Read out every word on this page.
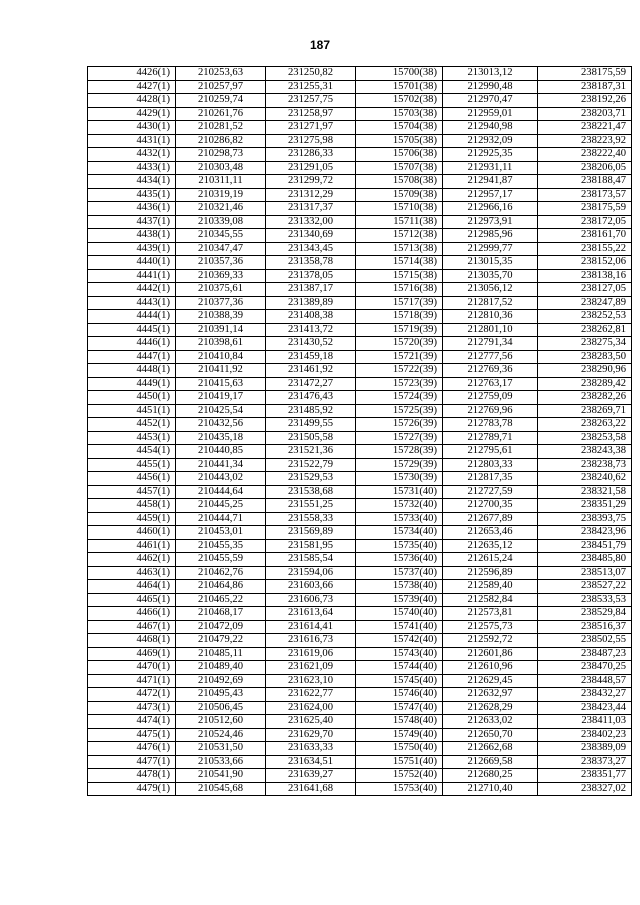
187
4426(1)	210253,63	231250,82	15700(38)	213013,12	238175,59
4427(1)	210257,97	231255,31	15701(38)	212990,48	238187,31
4428(1)	210259,74	231257,75	15702(38)	212970,47	238192,26
4429(1)	210261,76	231258,97	15703(38)	212959,01	238203,71
4430(1)	210281,52	231271,97	15704(38)	212940,98	238221,47
4431(1)	210286,82	231275,98	15705(38)	212932,09	238223,92
4432(1)	210298,73	231286,33	15706(38)	212925,35	238222,40
4433(1)	210303,48	231291,05	15707(38)	212931,11	238206,05
4434(1)	210311,11	231299,72	15708(38)	212941,87	238188,47
4435(1)	210319,19	231312,29	15709(38)	212957,17	238173,57
4436(1)	210321,46	231317,37	15710(38)	212966,16	238175,59
4437(1)	210339,08	231332,00	15711(38)	212973,91	238172,05
4438(1)	210345,55	231340,69	15712(38)	212985,96	238161,70
4439(1)	210347,47	231343,45	15713(38)	212999,77	238155,22
4440(1)	210357,36	231358,78	15714(38)	213015,35	238152,06
4441(1)	210369,33	231378,05	15715(38)	213035,70	238138,16
4442(1)	210375,61	231387,17	15716(38)	213056,12	238127,05
4443(1)	210377,36	231389,89	15717(39)	212817,52	238247,89
4444(1)	210388,39	231408,38	15718(39)	212810,36	238252,53
4445(1)	210391,14	231413,72	15719(39)	212801,10	238262,81
4446(1)	210398,61	231430,52	15720(39)	212791,34	238275,34
4447(1)	210410,84	231459,18	15721(39)	212777,56	238283,50
4448(1)	210411,92	231461,92	15722(39)	212769,36	238290,96
4449(1)	210415,63	231472,27	15723(39)	212763,17	238289,42
4450(1)	210419,17	231476,43	15724(39)	212759,09	238282,26
4451(1)	210425,54	231485,92	15725(39)	212769,96	238269,71
4452(1)	210432,56	231499,55	15726(39)	212783,78	238263,22
4453(1)	210435,18	231505,58	15727(39)	212789,71	238253,58
4454(1)	210440,85	231521,36	15728(39)	212795,61	238243,38
4455(1)	210441,34	231522,79	15729(39)	212803,33	238238,73
4456(1)	210443,02	231529,53	15730(39)	212817,35	238240,62
4457(1)	210444,64	231538,68	15731(40)	212727,59	238321,58
4458(1)	210445,25	231551,25	15732(40)	212700,35	238351,29
4459(1)	210444,71	231558,33	15733(40)	212677,89	238393,75
4460(1)	210453,01	231569,89	15734(40)	212653,46	238423,96
4461(1)	210455,35	231581,95	15735(40)	212635,12	238451,79
4462(1)	210455,59	231585,54	15736(40)	212615,24	238485,80
4463(1)	210462,76	231594,06	15737(40)	212596,89	238513,07
4464(1)	210464,86	231603,66	15738(40)	212589,40	238527,22
4465(1)	210465,22	231606,73	15739(40)	212582,84	238533,53
4466(1)	210468,17	231613,64	15740(40)	212573,81	238529,84
4467(1)	210472,09	231614,41	15741(40)	212575,73	238516,37
4468(1)	210479,22	231616,73	15742(40)	212592,72	238502,55
4469(1)	210485,11	231619,06	15743(40)	212601,86	238487,23
4470(1)	210489,40	231621,09	15744(40)	212610,96	238470,25
4471(1)	210492,69	231623,10	15745(40)	212629,45	238448,57
4472(1)	210495,43	231622,77	15746(40)	212632,97	238432,27
4473(1)	210506,45	231624,00	15747(40)	212628,29	238423,44
4474(1)	210512,60	231625,40	15748(40)	212633,02	238411,03
4475(1)	210524,46	231629,70	15749(40)	212650,70	238402,23
4476(1)	210531,50	231633,33	15750(40)	212662,68	238389,09
4477(1)	210533,66	231634,51	15751(40)	212669,58	238373,27
4478(1)	210541,90	231639,27	15752(40)	212680,25	238351,77
4479(1)	210545,68	231641,68	15753(40)	212710,40	238327,02
